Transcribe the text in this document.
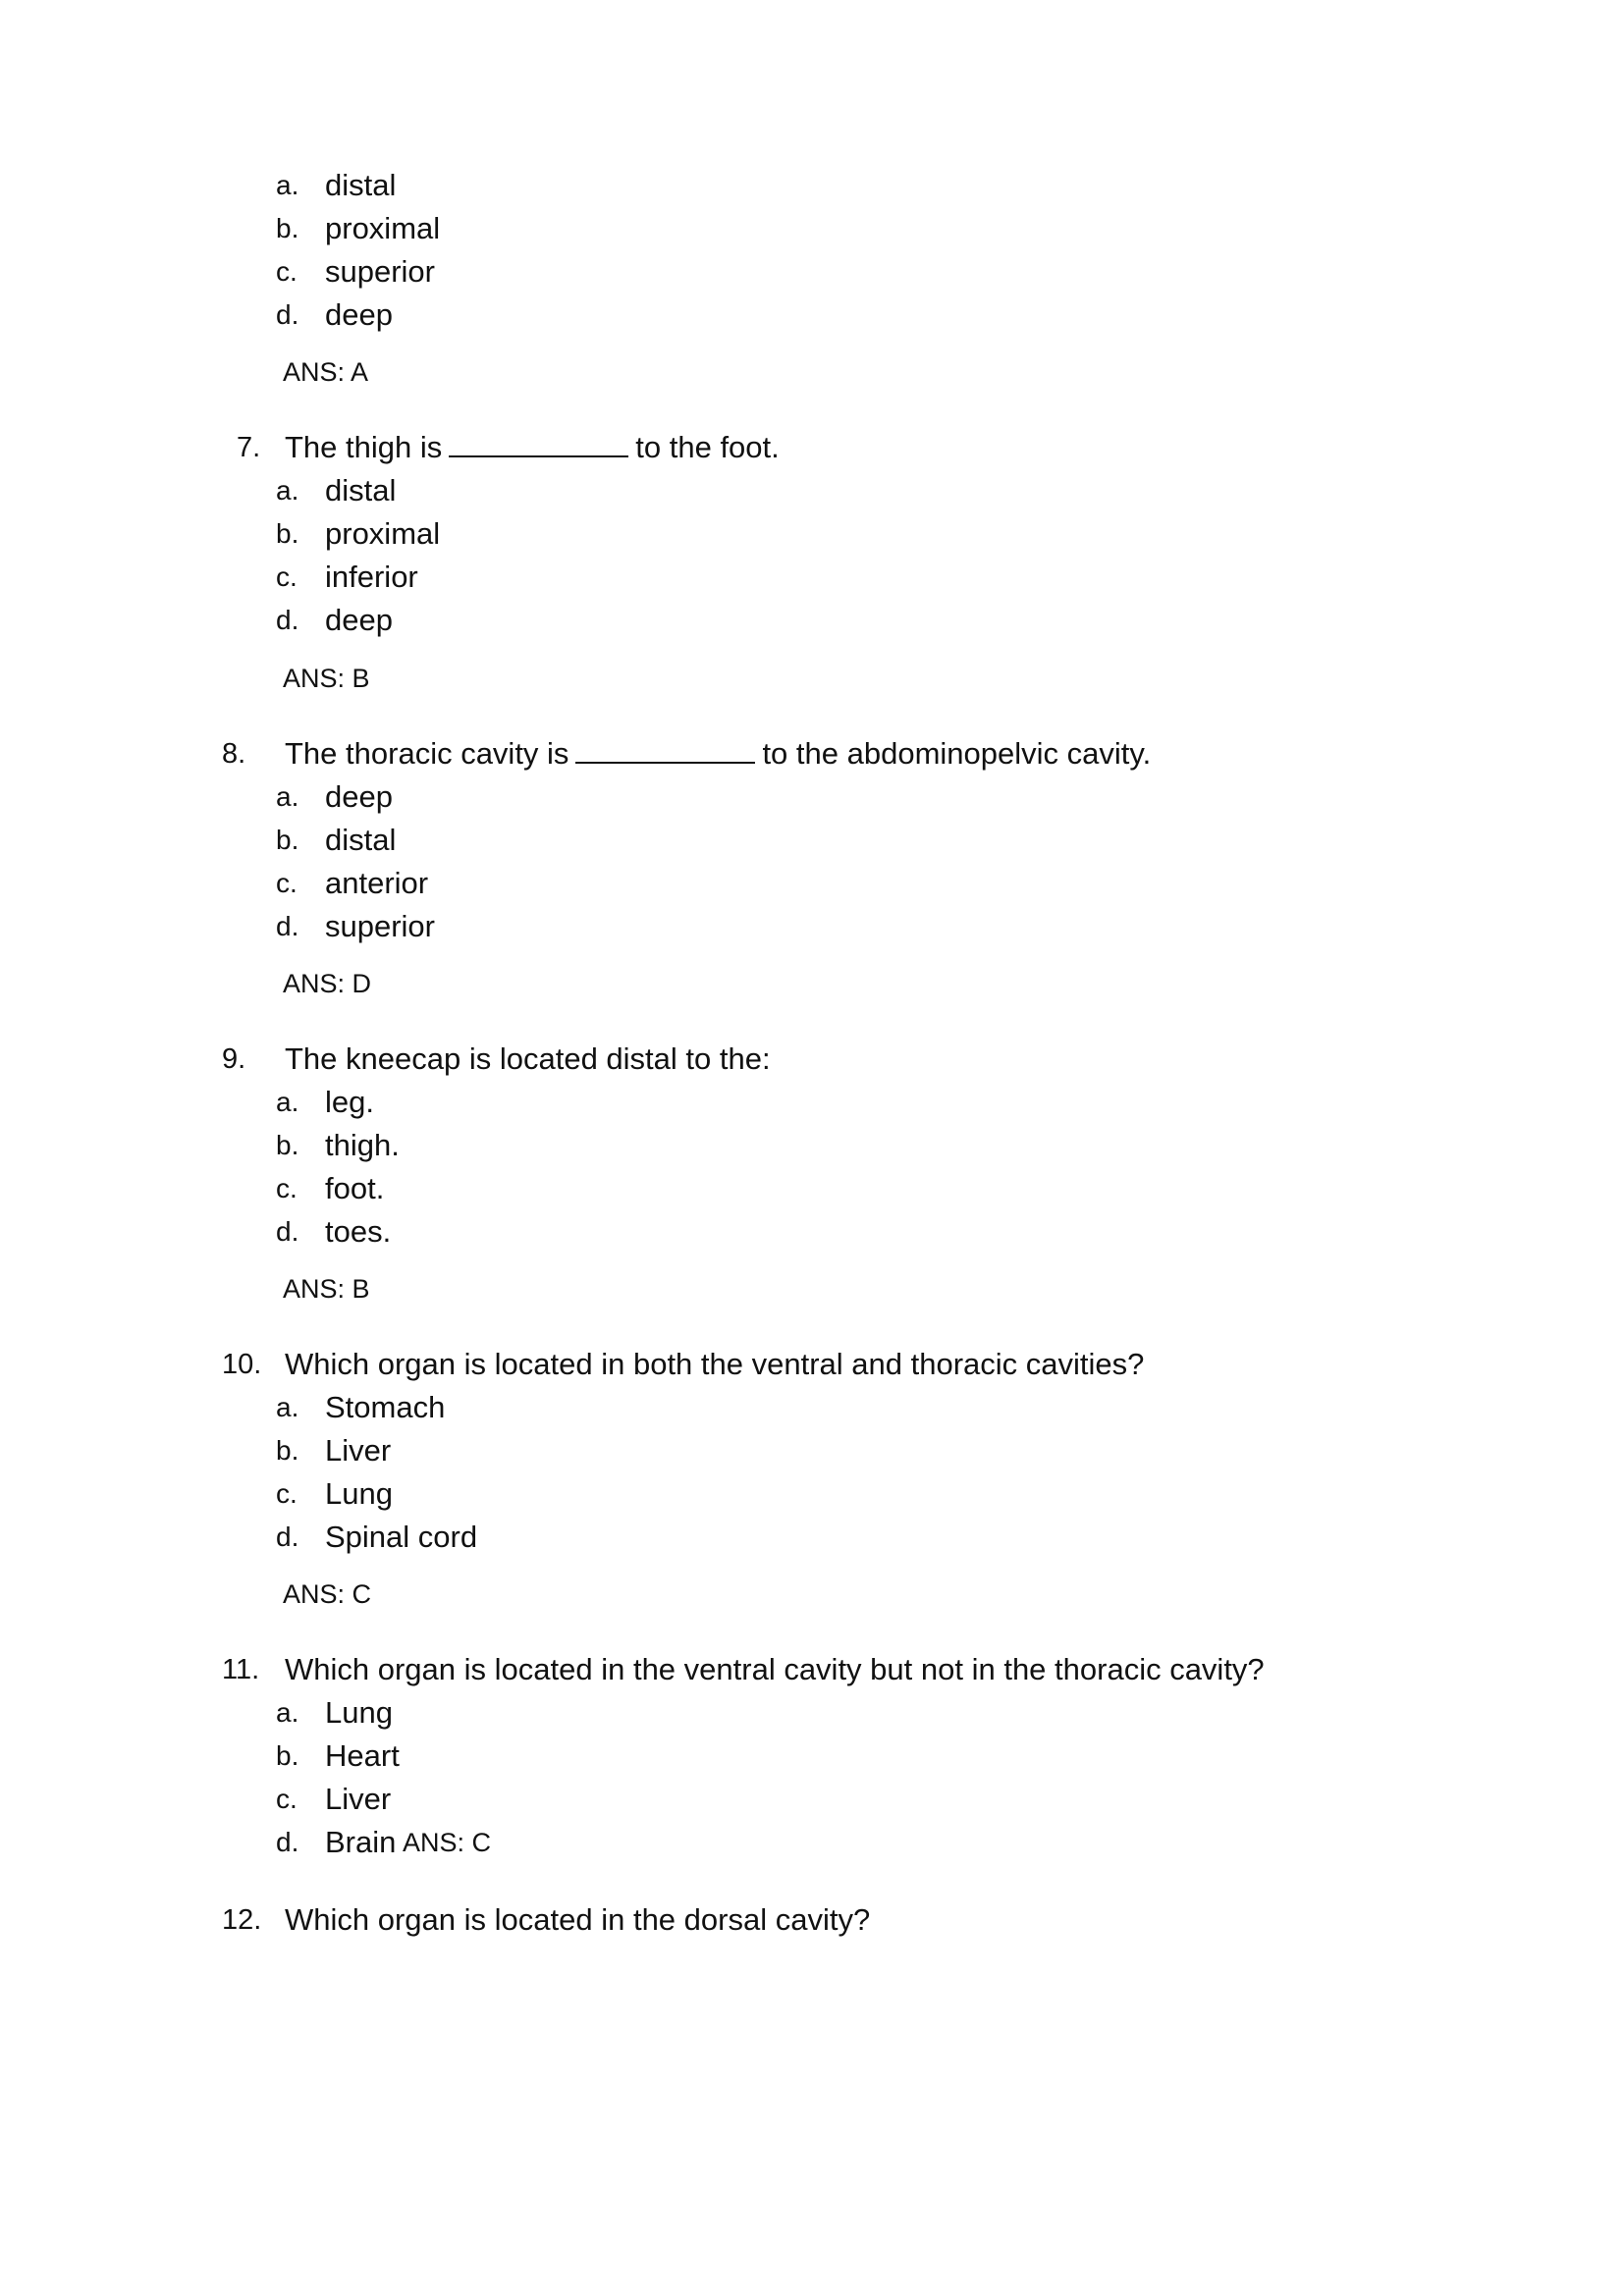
a. distal
b. proximal
c. superior
d. deep
ANS: A
7. The thigh is	to the foot.
a. distal
b. proximal
c. inferior
d. deep
ANS: B
8. The thoracic cavity is	to the abdominopelvic cavity.
a. deep
b. distal
c. anterior
d. superior
ANS: D
9. The kneecap is located distal to the:
a. leg.
b. thigh.
c. foot.
d. toes.
ANS: B
10. Which organ is located in both the ventral and thoracic cavities?
a. Stomach
b. Liver
c. Lung
d. Spinal cord
ANS: C
11. Which organ is located in the ventral cavity but not in the thoracic cavity?
a. Lung
b. Heart
c. Liver
d. Brain ANS: C
12. Which organ is located in the dorsal cavity?
